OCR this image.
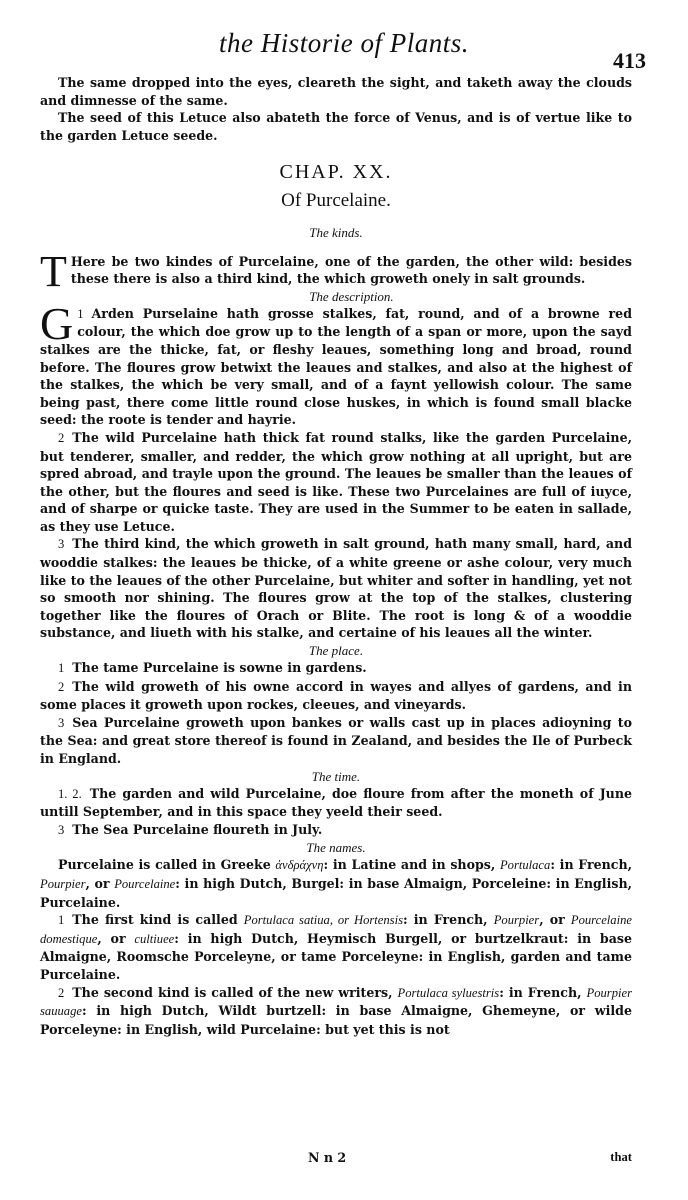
the Historie of Plants.
413

The same dropped into the eyes, cleareth the sight, and taketh away the clouds and dimnesse of the same.

The seed of this Letuce also abateth the force of Venus, and is of vertue like to the garden Letuce seede.

CHAP. XX.

Of Purcelaine.

The kinds.

T Here be two kindes of Purcelaine, one of the garden, the other wild: besides these there is also a third kind, the which groweth onely in salt grounds.

The description.

1
G Arden Purselaine hath grosse stalkes, fat, round, and of a browne red colour, the which doe grow up to the length of a span or more, upon the sayd stalkes are the thicke, fat, or fleshy leaues, something long and broad, round before. The floures grow betwixt the leaues and stalkes, and also at the highest of the stalkes, the which be very small, and of a faynt yellowish colour. The same being past, there come little round close huskes, in which is found small blacke seed: the roote is tender and hayrie.

2 The wild Purcelaine hath thick fat round stalks, like the garden Purcelaine, but tenderer, smaller, and redder, the which grow nothing at all upright, but are spred abroad, and trayle upon the ground. The leaues be smaller than the leaues of the other, but the floures and seed is like. These two Purcelaines are full of iuyce, and of sharpe or quicke taste. They are used in the Summer to be eaten in sallade, as they use Letuce.

3 The third kind, the which groweth in salt ground, hath many small, hard, and wooddie stalkes: the leaues be thicke, of a white greene or ashe colour, very much like to the leaues of the other Purcelaine, but whiter and softer in handling, yet not so smooth nor shining. The floures grow at the top of the stalkes, clustering together like the floures of Orach or Blite. The root is long & of a wooddie substance, and liueth with his stalke, and certaine of his leaues all the winter.

The place.

1 The tame Purcelaine is sowne in gardens.

2 The wild groweth of his owne accord in wayes and allyes of gardens, and in some places it groweth upon rockes, cleeues, and vineyards.

3 Sea Purcelaine groweth upon bankes or walls cast up in places adioyning to the Sea: and great store thereof is found in Zealand, and besides the Ile of Purbeck in England.

The time.

1. 2. The garden and wild Purcelaine, doe floure from after the moneth of June untill September, and in this space they yeeld their seed.

3 The Sea Purcelaine floureth in July.

The names.

Purcelaine is called in Greeke ἀνδράχνη: in Latine and in shops, Portulaca: in French, Pourpier, or Pourcelaine: in high Dutch, Burgel: in base Almaign, Porceleine: in English, Purcelaine.

1 The first kind is called Portulaca satiua, or Hortensis: in French, Pourpier, or Pourcelaine domestique, or cultiuee: in high Dutch, Heymisch Burgell, or burtzelkraut: in base Almaigne, Roomsche Porceleyne, or tame Porceleyne: in English, garden and tame Purcelaine.

2 The second kind is called of the new writers, Portulaca syluestris: in French, Pourpier sauuage: in high Dutch, Wildt burtzell: in base Almaigne, Ghemeyne, or wilde Porceleyne: in English, wild Purcelaine: but yet this is not

N n 2	that
